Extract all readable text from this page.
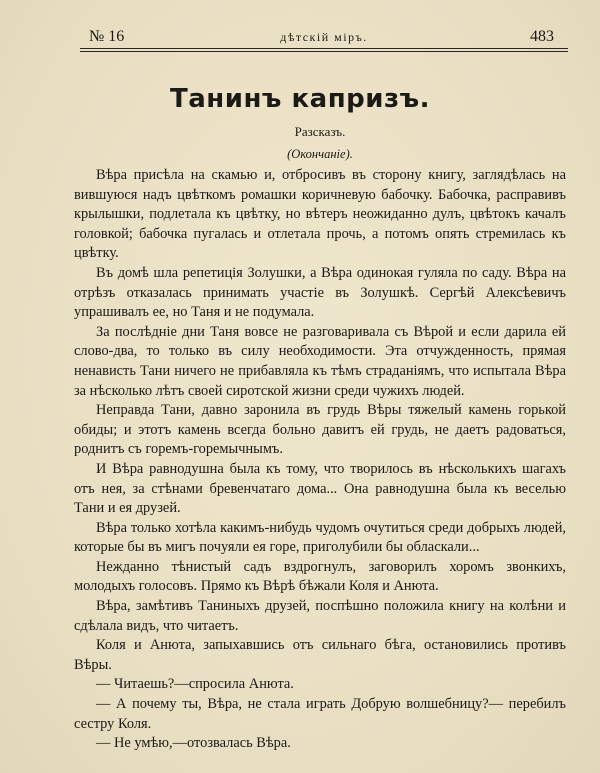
№ 16	дѣтскій міръ.	483
Танинъ капризъ.
Разсказъ.
(Окончаніе).

Вѣра присѣла на скамью и, отбросивъ въ сторону книгу, заглядѣлась на вившуюся надъ цвѣткомъ ромашки коричневую бабочку. Бабочка, расправивъ крылышки, подлетала къ цвѣтку, но вѣтеръ неожиданно дулъ, цвѣтокъ качалъ головкой; бабочка пугалась и отлетала прочь, а потомъ опять стремилась къ цвѣтку.

Въ домѣ шла репетиція Золушки, а Вѣра одинокая гуляла по саду. Вѣра на отрѣзъ отказалась принимать участіе въ Золушкѣ. Сергѣй Алексѣевичъ упрашивалъ ее, но Таня и не подумала.

За послѣдніе дни Таня вовсе не разговаривала съ Вѣрой и если дарила ей слово-два, то только въ силу необходимости. Эта отчужденность, прямая ненависть Тани ничего не прибавляла къ тѣмъ страданіямъ, что испытала Вѣра за нѣсколько лѣтъ своей сиротской жизни среди чужихъ людей.

Неправда Тани, давно заронила въ грудь Вѣры тяжелый камень горькой обиды; и этотъ камень всегда больно давитъ ей грудь, не даетъ радоваться, роднитъ съ горемъ-горемычнымъ.

И Вѣра равнодушна была къ тому, что творилось въ нѣсколькихъ шагахъ отъ нея, за стѣнами бревенчатаго дома... Она равнодушна была къ веселью Тани и ея друзей.

Вѣра только хотѣла какимъ-нибудь чудомъ очутиться среди добрыхъ людей, которые бы въ мигъ почуяли ея горе, приголубили бы обласкали...

Нежданно тѣнистый садъ вздрогнулъ, заговорилъ хоромъ звонкихъ, молодыхъ голосовъ. Прямо къ Вѣрѣ бѣжали Коля и Анюта.

Вѣра, замѣтивъ Таниныхъ друзей, поспѣшно положила книгу на колѣни и сдѣлала видъ, что читаетъ.

Коля и Анюта, запыхавшись отъ сильнаго бѣга, остановились противъ Вѣры.

— Читаешь?—спросила Анюта.

— А почему ты, Вѣра, не стала играть Добрую волшебницу?— перебилъ сестру Коля.

— Не умѣю,—отозвалась Вѣра.
